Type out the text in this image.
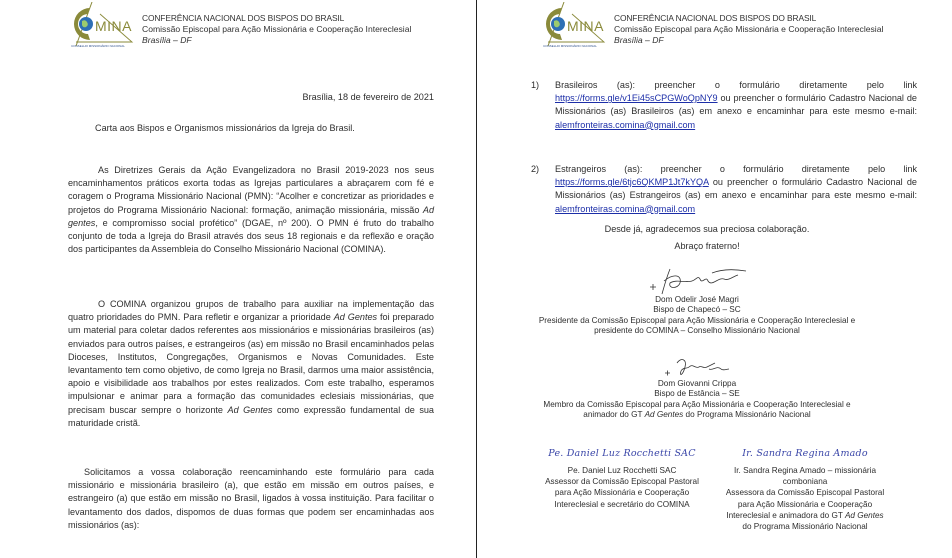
MINA
CONSELHO MISSIONÁRIO NACIONAL
CONFERÊNCIA NACIONAL DOS BISPOS DO BRASIL
Comissão Episcopal para Ação Missionária e Cooperação Intereclesial
Brasília – DF
Brasília, 18 de fevereiro de 2021
Carta aos Bispos e Organismos missionários da Igreja do Brasil.

As Diretrizes Gerais da Ação Evangelizadora no Brasil 2019-2023 nos seus encaminhamentos práticos exorta todas as Igrejas particulares a abraçarem com fé e coragem o Programa Missionário Nacional (PMN): “Acolher e concretizar as prioridades e projetos do Programa Missionário Nacional: formação, animação missionária, missão Ad gentes, e compromisso social profético” (DGAE, nº 200). O PMN é fruto do trabalho conjunto de toda a Igreja do Brasil através dos seus 18 regionais e da reflexão e oração dos participantes da Assembleia do Conselho Missionário Nacional (COMINA).

O COMINA organizou grupos de trabalho para auxiliar na implementação das quatro prioridades do PMN. Para refletir e organizar a prioridade Ad Gentes foi preparado um material para coletar dados referentes aos missionários e missionárias brasileiros (as) enviados para outros países, e estrangeiros (as) em missão no Brasil encaminhados pelas Dioceses, Institutos, Congregações, Organismos e Novas Comunidades. Este levantamento tem como objetivo, de como Igreja no Brasil, darmos uma maior assistência, apoio e visibilidade aos trabalhos por estes realizados. Com este trabalho, esperamos impulsionar e animar para a formação das comunidades eclesiais missionárias, que precisam buscar sempre o horizonte Ad Gentes como expressão fundamental de sua maturidade cristã.

Solicitamos a vossa colaboração reencaminhando este formulário para cada missionário e missionária brasileiro (a), que estão em missão em outros países, e estrangeiro (a) que estão em missão no Brasil, ligados à vossa instituição. Para facilitar o levantamento dos dados, dispomos de duas formas que podem ser encaminhadas aos missionários (as):

MINA
CONSELHO MISSIONÁRIO NACIONAL
CONFERÊNCIA NACIONAL DOS BISPOS DO BRASIL
Comissão Episcopal para Ação Missionária e Cooperação Intereclesial
Brasília – DF
1) Brasileiros (as): preencher o formulário diretamente pelo link https://forms.gle/v1Ei45sCPGWoQpNY9 ou preencher o formulário Cadastro Nacional de Missionários (as) Brasileiros (as) em anexo e encaminhar para este mesmo e-mail: alemfronteiras.comina@gmail.com

2) Estrangeiros (as): preencher o formulário diretamente pelo link https://forms.gle/6tjc6QKMP1Jt7kYQA ou preencher o formulário Cadastro Nacional de Missionários (as) Estrangeiros (as) em anexo e encaminhar para este mesmo e-mail: alemfronteiras.comina@gmail.com

Desde já, agradecemos sua preciosa colaboração.
Abraço fraterno!
Dom Odelir José Magri
Bispo de Chapecó – SC
Presidente da Comissão Episcopal para Ação Missionária e Cooperação Intereclesial e
presidente do COMINA – Conselho Missionário Nacional
Dom Giovanni Crippa
Bispo de Estância – SE
Membro da Comissão Episcopal para Ação Missionária e Cooperação Intereclesial e
animador do GT Ad Gentes do Programa Missionário Nacional
Pe. Daniel Luz Rocchetti SAC
Pe. Daniel Luz Rocchetti SAC
Assessor da Comissão Episcopal Pastoral
para Ação Missionária e Cooperação
Intereclesial e secretário do COMINA
Ir. Sandra Regina Amado
Ir. Sandra Regina Amado – missionária
comboniana
Assessora da Comissão Episcopal Pastoral
para Ação Missionária e Cooperação
Intereclesial e animadora do GT Ad Gentes
do Programa Missionário Nacional
